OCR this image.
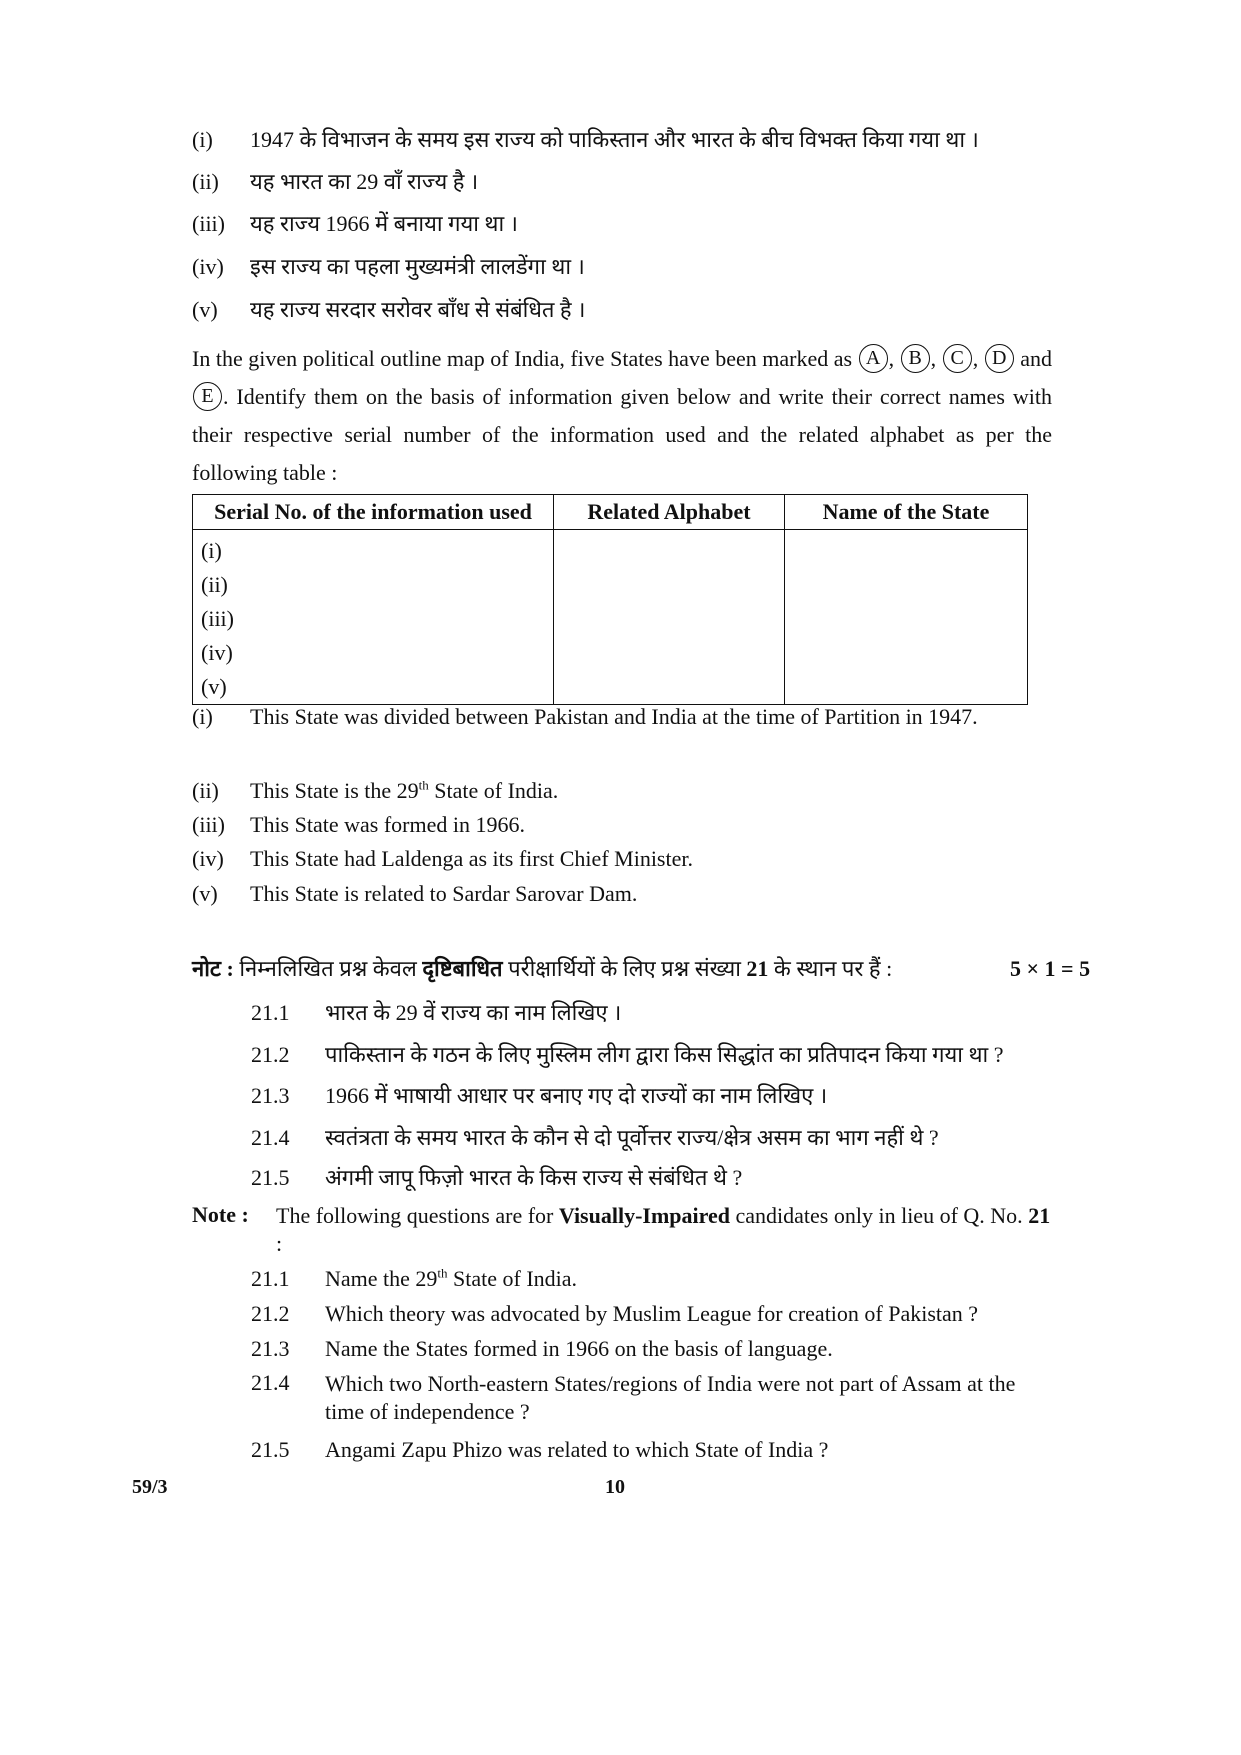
(i) 1947 के विभाजन के समय इस राज्य को पाकिस्तान और भारत के बीच विभक्त किया गया था ।
(ii) यह भारत का 29 वाँ राज्य है ।
(iii) यह राज्य 1966 में बनाया गया था ।
(iv) इस राज्य का पहला मुख्यमंत्री लालडेंगा था ।
(v) यह राज्य सरदार सरोवर बाँध से संबंधित है ।
In the given political outline map of India, five States have been marked as A , B , C , D and E . Identify them on the basis of information given below and write their correct names with their respective serial number of the information used and the related alphabet as per the following table :
Serial No. of the information used	Related Alphabet	Name of the State

(i)
(ii)
(iii)
(iv)
(v)		

(i) This State was divided between Pakistan and India at the time of Partition in 1947.
(ii) This State is the 29th State of India.
(iii) This State was formed in 1966.
(iv) This State had Laldenga as its first Chief Minister.
(v) This State is related to Sardar Sarovar Dam.
नोट : निम्नलिखित प्रश्न केवल दृष्टिबाधित परीक्षार्थियों के लिए प्रश्न संख्या 21 के स्थान पर हैं :	5 × 1 = 5
21.1 भारत के 29 वें राज्य का नाम लिखिए ।
21.2 पाकिस्तान के गठन के लिए मुस्लिम लीग द्वारा किस सिद्धांत का प्रतिपादन किया गया था ?
21.3 1966 में भाषायी आधार पर बनाए गए दो राज्यों का नाम लिखिए ।
21.4 स्वतंत्रता के समय भारत के कौन से दो पूर्वोत्तर राज्य/क्षेत्र असम का भाग नहीं थे ?
21.5 अंगमी जापू फिज़ो भारत के किस राज्य से संबंधित थे ?
Note : The following questions are for Visually-Impaired candidates only in lieu of Q. No. 21 :
21.1 Name the 29th State of India.
21.2 Which theory was advocated by Muslim League for creation of Pakistan ?
21.3 Name the States formed in 1966 on the basis of language.
21.4 Which two North-eastern States/regions of India were not part of Assam at the time of independence ?
21.5 Angami Zapu Phizo was related to which State of India ?
59/3	10
